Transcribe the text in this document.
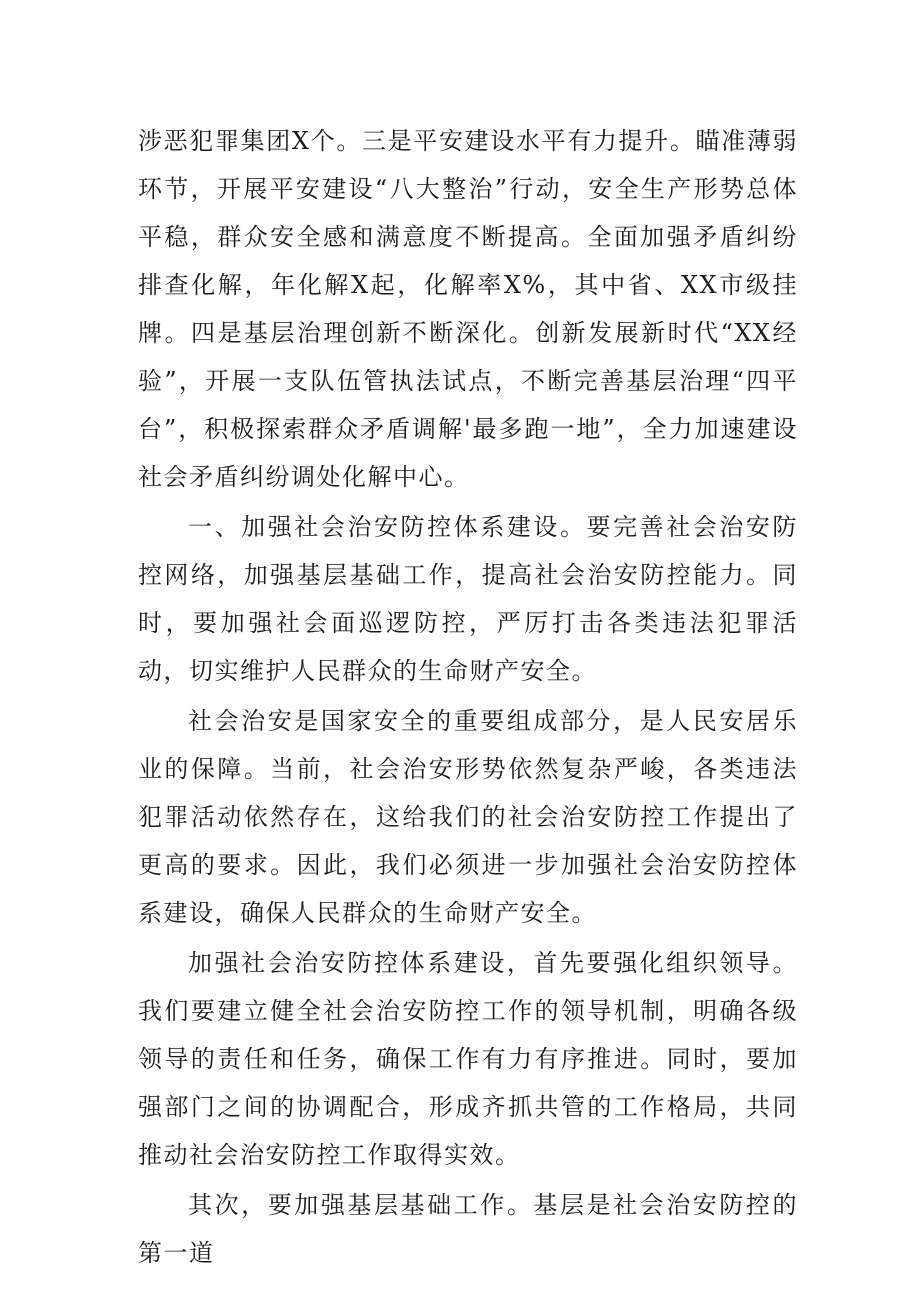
涉恶犯罪集团X个。三是平安建设水平有力提升。瞄准薄弱环节，开展平安建设“八大整治”行动，安全生产形势总体平稳，群众安全感和满意度不断提高。全面加强矛盾纠纷排查化解，年化解X起，化解率X%，其中省、XX市级挂牌。四是基层治理创新不断深化。创新发展新时代“XX经验”，开展一支队伍管执法试点，不断完善基层治理“四平台”，积极探索群众矛盾调解'最多跑一地”，全力加速建设社会矛盾纠纷调处化解中心。

一、加强社会治安防控体系建设。要完善社会治安防控网络，加强基层基础工作，提高社会治安防控能力。同时，要加强社会面巡逻防控，严厉打击各类违法犯罪活动，切实维护人民群众的生命财产安全。

社会治安是国家安全的重要组成部分，是人民安居乐业的保障。当前，社会治安形势依然复杂严峻，各类违法犯罪活动依然存在，这给我们的社会治安防控工作提出了更高的要求。因此，我们必须进一步加强社会治安防控体系建设，确保人民群众的生命财产安全。

加强社会治安防控体系建设，首先要强化组织领导。我们要建立健全社会治安防控工作的领导机制，明确各级领导的责任和任务，确保工作有力有序推进。同时，要加强部门之间的协调配合，形成齐抓共管的工作格局，共同推动社会治安防控工作取得实效。

其次，要加强基层基础工作。基层是社会治安防控的第一道
